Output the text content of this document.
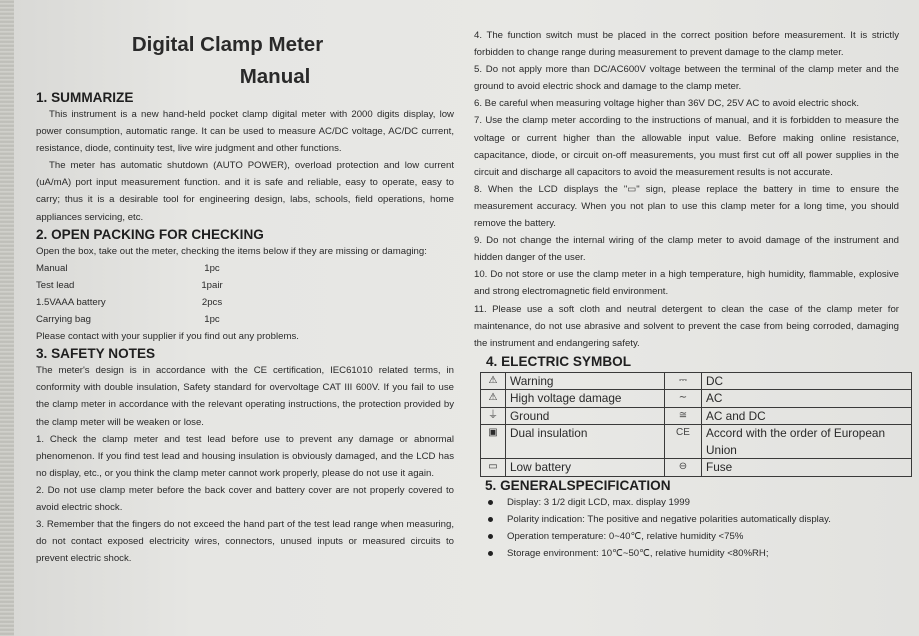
Digital Clamp Meter
Manual
1. SUMMARIZE

This instrument is a new hand-held pocket clamp digital meter with 2000 digits display, low power consumption, automatic range. It can be used to measure AC/DC voltage, AC/DC current, resistance, diode, continuity test, live wire judgment and other functions.

The meter has automatic shutdown (AUTO POWER), overload protection and low current (uA/mA) port input measurement function. and it is safe and reliable, easy to operate, easy to carry; thus it is a desirable tool for engineering design, labs, schools, field operations, home appliances servicing, etc.

2. OPEN PACKING FOR CHECKING

Open the box, take out the meter, checking the items below if they are missing or damaging:

Manual	1pc
Test lead	1pair
1.5VAAA battery	2pcs
Carrying bag	1pc

Please contact with your supplier if you find out any problems.

3. SAFETY NOTES

The meter's design is in accordance with the CE certification, IEC61010 related terms, in conformity with double insulation, Safety standard for overvoltage CAT III 600V. If you fail to use the clamp meter in accordance with the relevant operating instructions, the protection provided by the clamp meter will be weaken or lose.

1. Check the clamp meter and test lead before use to prevent any damage or abnormal phenomenon. If you find test lead and housing insulation is obviously damaged, and the LCD has no display, etc., or you think the clamp meter cannot work properly, please do not use it again.

2. Do not use clamp meter before the back cover and battery cover are not properly covered to avoid electric shock.

3. Remember that the fingers do not exceed the hand part of the test lead range when measuring, do not contact exposed electricity wires, connectors, unused inputs or measured circuits to prevent electric shock.

4. The function switch must be placed in the correct position before measurement. It is strictly forbidden to change range during measurement to prevent damage to the clamp meter.

5. Do not apply more than DC/AC600V voltage between the terminal of the clamp meter and the ground to avoid electric shock and damage to the clamp meter.

6. Be careful when measuring voltage higher than 36V DC, 25V AC to avoid electric shock.

7. Use the clamp meter according to the instructions of manual, and it is forbidden to measure the voltage or current higher than the allowable input value. Before making online resistance, capacitance, diode, or circuit on-off measurements, you must first cut off all power supplies in the circuit and discharge all capacitors to avoid the measurement results is not accurate.

8. When the LCD displays the "▭" sign, please replace the battery in time to ensure the measurement accuracy. When you not plan to use this clamp meter for a long time, you should remove the battery.

9. Do not change the internal wiring of the clamp meter to avoid damage of the instrument and hidden danger of the user.

10. Do not store or use the clamp meter in a high temperature, high humidity, flammable, explosive and strong electromagnetic field environment.

11. Please use a soft cloth and neutral detergent to clean the case of the clamp meter for maintenance, do not use abrasive and solvent to prevent the case from being corroded, damaging the instrument and endangering safety.

4. ELECTRIC SYMBOL
⚠	Warning	⎓	DC
⚠	High voltage damage	∼	AC
⏚	Ground	≅	AC and DC
▣	Dual insulation	CE	Accord with the order of European Union
▭	Low battery	⊖	Fuse
5. GENERALSPECIFICATION
Display: 3 1/2 digit LCD, max. display 1999
Polarity indication: The positive and negative polarities automatically display.
Operation temperature: 0~40℃, relative humidity <75%
Storage environment: 10℃~50℃, relative humidity <80%RH;
